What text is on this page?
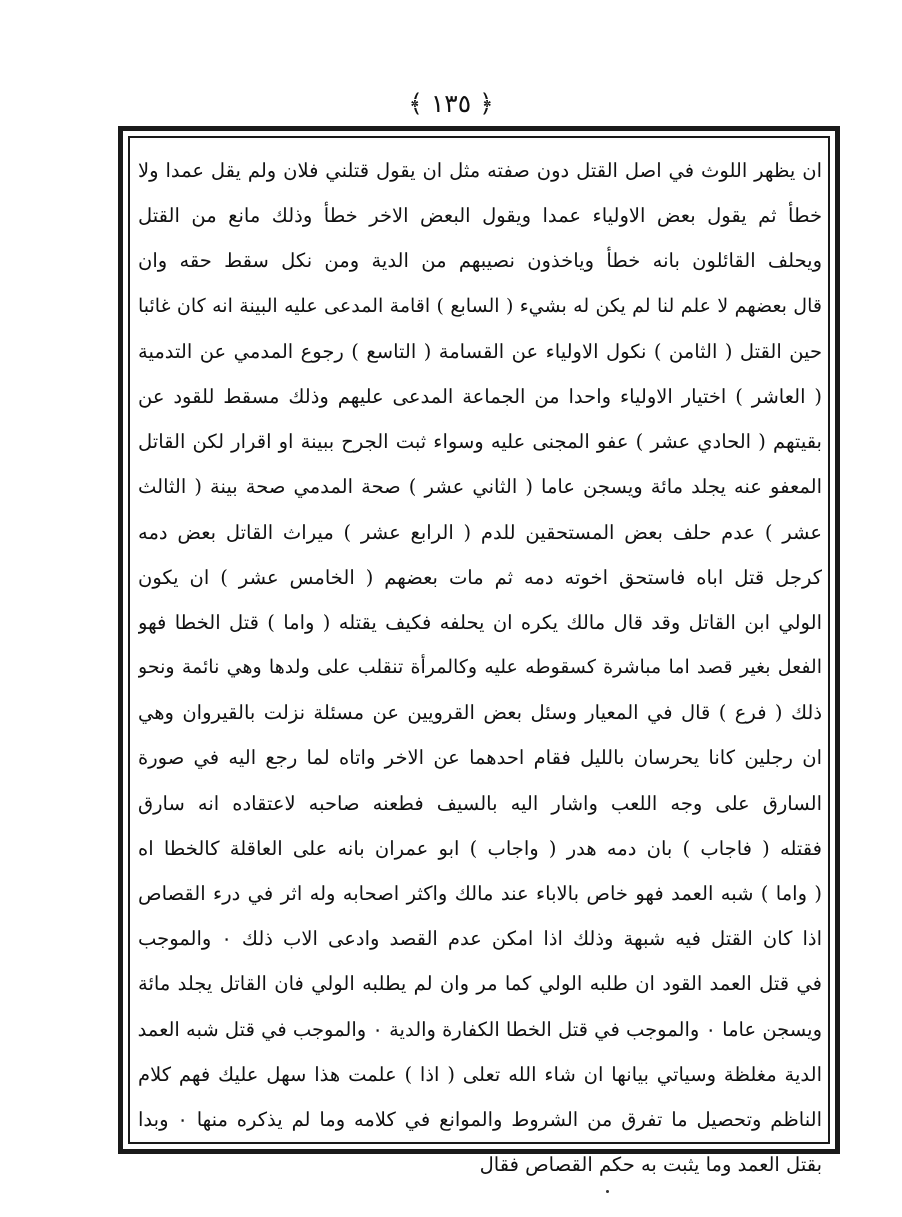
﴿ ١٣٥ ﴾
ان يظهر اللوث في اصل القتل دون صفته مثل ان يقول قتلني فلان ولم يقل عمدا ولا
خطأ ثم يقول بعض الاولياء عمدا ويقول البعض الاخر خطأ وذلك مانع من القتل
ويحلف القائلون بانه خطأ وياخذون نصيبهم من الدية ومن نكل سقط حقه وان
قال بعضهم لا علم لنا لم يكن له بشيء ( السابع ) اقامة المدعى عليه البينة انه كان غائبا
حين القتل ( الثامن ) نكول الاولياء عن القسامة ( التاسع ) رجوع المدمي عن التدمية
( العاشر ) اختيار الاولياء واحدا من الجماعة المدعى عليهم وذلك مسقط للقود عن
بقيتهم ( الحادي عشر ) عفو المجنى عليه وسواء ثبت الجرح ببينة او اقرار لكن القاتل
المعفو عنه يجلد مائة ويسجن عاما ( الثاني عشر ) صحة المدمي صحة بينة ( الثالث
عشر ) عدم حلف بعض المستحقين للدم ( الرابع عشر ) ميراث القاتل بعض دمه
كرجل قتل اباه فاستحق اخوته دمه ثم مات بعضهم ( الخامس عشر ) ان يكون
الولي ابن القاتل وقد قال مالك يكره ان يحلفه فكيف يقتله ( واما ) قتل الخطا فهو
الفعل بغير قصد اما مباشرة كسقوطه عليه وكالمرأة تنقلب على ولدها وهي نائمة ونحو
ذلك ( فرع ) قال في المعيار وسئل بعض القرويين عن مسئلة نزلت بالقيروان وهي
ان رجلين كانا يحرسان بالليل فقام احدهما عن الاخر واتاه لما رجع اليه في صورة
السارق على وجه اللعب واشار اليه بالسيف فطعنه صاحبه لاعتقاده انه سارق
فقتله ( فاجاب ) بان دمه هدر ( واجاب ) ابو عمران بانه على العاقلة كالخطا اه
( واما ) شبه العمد فهو خاص بالاباء عند مالك واكثر اصحابه وله اثر في درء القصاص
اذا كان القتل فيه شبهة وذلك اذا امكن عدم القصد وادعى الاب ذلك ٠ والموجب
في قتل العمد القود ان طلبه الولي كما مر وان لم يطلبه الولي فان القاتل يجلد مائة
ويسجن عاما ٠ والموجب في قتل الخطا الكفارة والدية ٠ والموجب في قتل شبه العمد
الدية مغلظة وسياتي بيانها ان شاء الله تعلى ( اذا ) علمت هذا سهل عليك فهم كلام
الناظم وتحصيل ما تفرق من الشروط والموانع في كلامه وما لم يذكره منها ٠ وبدا
بقتل العمد وما يثبت به حكم القصاص فقال
